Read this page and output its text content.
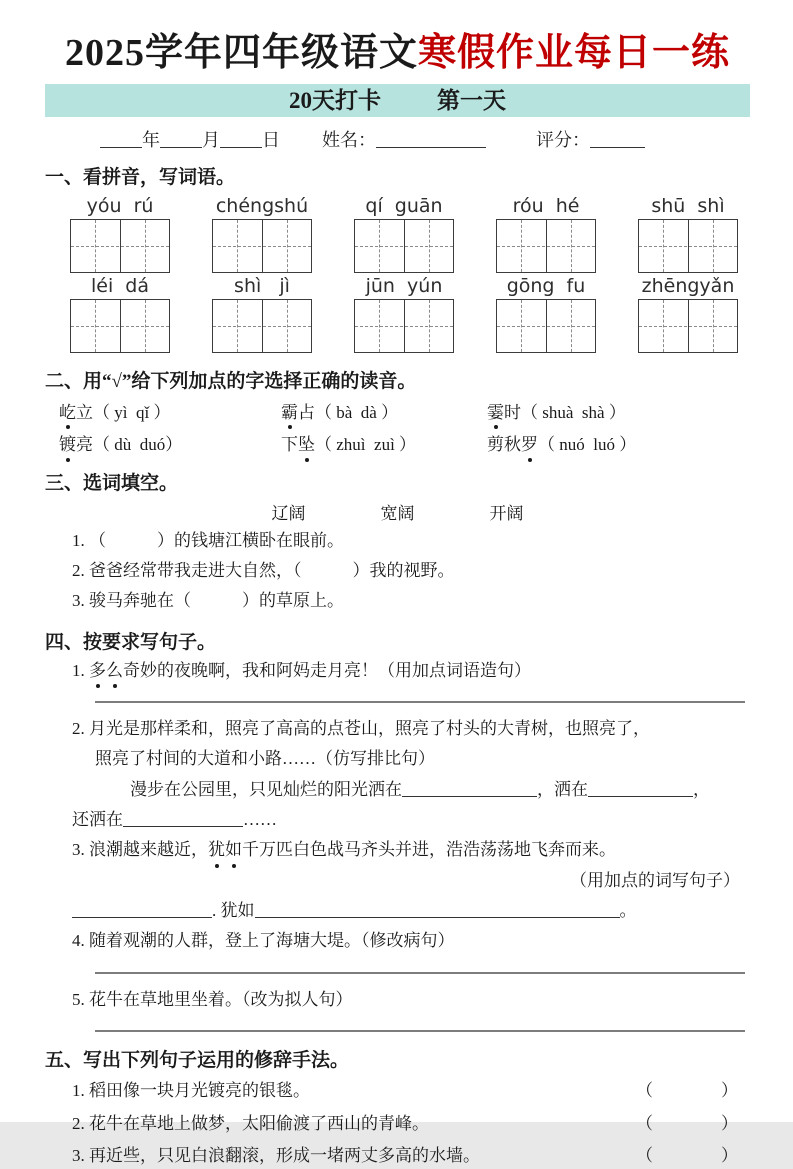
2025学年四年级语文寒假作业每日一练
20天打卡 第一天
年 月 日 姓名：	评分：
一、看拼音，写词语。
yóu  rú	chéngshú	qí  guān	róu  hé	shū  shì
léi  dá	shì   jì	jūn  yún	gōng  fu	zhēngyǎn
二、用“√”给下列加点的字选择正确的读音。
屹立（ yì  qǐ ）	霸占（ bà  dà ）	霎时（ shuà  shà ）
镀亮（ dù  duó）	下坠（ zhuì  zuì ）	剪秋罗（ nuó  luó ）
三、选词填空。
辽阔	宽阔	开阔
1. （　　　）的钱塘江横卧在眼前。
2. 爸爸经常带我走进大自然，（　　　）我的视野。
3. 骏马奔驰在（　　　）的草原上。
四、按要求写句子。
1. 多么奇妙的夜晚啊，我和阿妈走月亮！（用加点词语造句）
2. 月光是那样柔和，照亮了高高的点苍山，照亮了村头的大青树，也照亮了，
照亮了村间的大道和小路……（仿写排比句）
漫步在公园里，只见灿烂的阳光洒在	，洒在	，
还洒在	……
3. 浪潮越来越近，犹如千万匹白色战马齐头并进，浩浩荡荡地飞奔而来。
（用加点的词写句子）
. 犹如	。
4. 随着观潮的人群，登上了海塘大堤。（修改病句）
5. 花牛在草地里坐着。（改为拟人句）
五、写出下列句子运用的修辞手法。
1. 稻田像一块月光镀亮的银毯。	（　　　　）
2. 花牛在草地上做梦，太阳偷渡了西山的青峰。	（　　　　）
3. 再近些，只见白浪翻滚，形成一堵两丈多高的水墙。	（　　　　）
